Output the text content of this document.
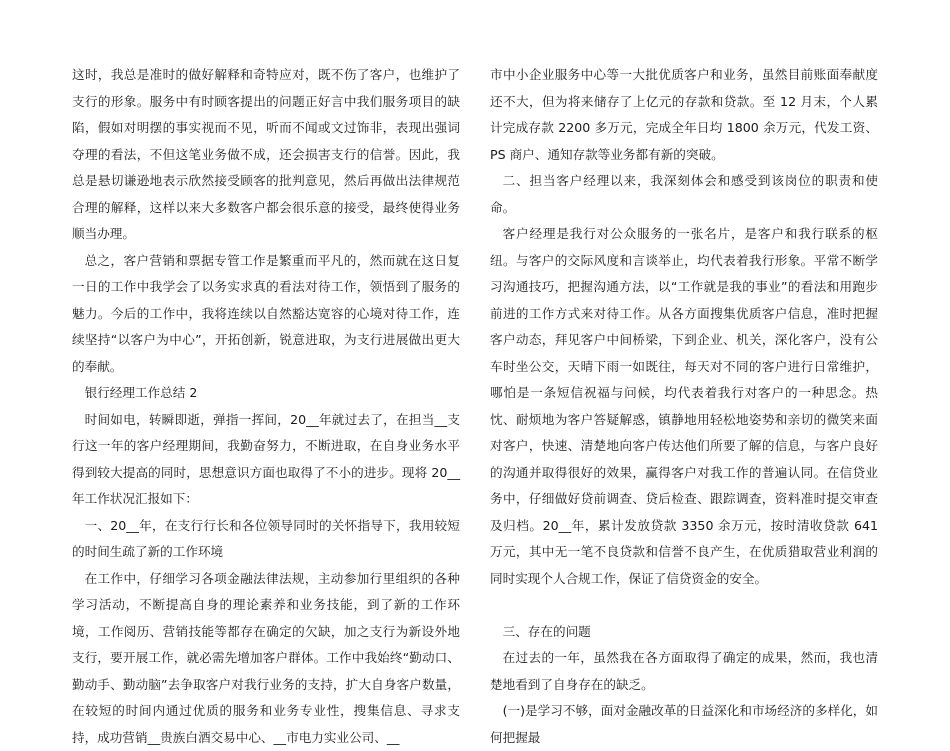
这时，我总是准时的做好解释和奇特应对，既不伤了客户，也维护了支行的形象。服务中有时顾客提出的问题正好言中我们服务项目的缺陷，假如对明摆的事实视而不见，听而不闻或文过饰非，表现出强词夺理的看法，不但这笔业务做不成，还会损害支行的信誉。因此，我总是悬切谦逊地表示欣然接受顾客的批判意见，然后再做出法律规范合理的解释，这样以来大多数客户都会很乐意的接受，最终使得业务顺当办理。

总之，客户营销和票据专管工作是繁重而平凡的，然而就在这日复一日的工作中我学会了以务实求真的看法对待工作，领悟到了服务的魅力。今后的工作中，我将连续以自然豁达宽容的心境对待工作，连续坚持“以客户为中心”，开拓创新，锐意进取，为支行进展做出更大的奉献。

银行经理工作总结 2

时间如电，转瞬即逝，弹指一挥间，20__年就过去了，在担当__支行这一年的客户经理期间，我勤奋努力，不断进取，在自身业务水平得到较大提高的同时，思想意识方面也取得了不小的进步。现将 20__年工作状况汇报如下：

一、20__年，在支行行长和各位领导同时的关怀指导下，我用较短的时间生疏了新的工作环境

在工作中，仔细学习各项金融法律法规，主动参加行里组织的各种学习活动，不断提高自身的理论素养和业务技能，到了新的工作环境，工作阅历、营销技能等都存在确定的欠缺，加之支行为新设外地支行，要开展工作，就必需先增加客户群体。工作中我始终“勤动口、勤动手、勤动脑”去争取客户对我行业务的支持，扩大自身客户数量，在较短的时间内通过优质的服务和业务专业性，搜集信息、寻求支持，成功营销__贵族白酒交易中心、__市电力实业公司、__

市中小企业服务中心等一大批优质客户和业务，虽然目前账面奉献度还不大，但为将来储存了上亿元的存款和贷款。至 12 月末，个人累计完成存款 2200 多万元，完成全年日均 1800 余万元，代发工资、PS 商户、通知存款等业务都有新的突破。

二、担当客户经理以来，我深刻体会和感受到该岗位的职责和使命。

客户经理是我行对公众服务的一张名片，是客户和我行联系的枢纽。与客户的交际风度和言谈举止，均代表着我行形象。平常不断学习沟通技巧，把握沟通方法，以“工作就是我的事业”的看法和用跑步前进的工作方式来对待工作。从各方面搜集优质客户信息，准时把握客户动态，拜见客户中间桥梁，下到企业、机关，深化客户，没有公车时坐公交，天晴下雨一如既往，每天对不同的客户进行日常维护，哪怕是一条短信祝福与问候，均代表着我行对客户的一种思念。热忱、耐烦地为客户答疑解惑，镇静地用轻松地姿势和亲切的微笑来面对客户，快速、清楚地向客户传达他们所要了解的信息，与客户良好的沟通并取得很好的效果，赢得客户对我工作的普遍认同。在信贷业务中，仔细做好贷前调查、贷后检查、跟踪调查，资料准时提交审查及归档。20__年，累计发放贷款 3350 余万元，按时清收贷款 641 万元，其中无一笔不良贷款和信誉不良产生，在优质猎取营业利润的同时实现个人合规工作，保证了信贷资金的安全。

三、存在的问题

在过去的一年，虽然我在各方面取得了确定的成果，然而，我也清楚地看到了自身存在的缺乏。

(一)是学习不够，面对金融改革的日益深化和市场经济的多样化，如何把握最
